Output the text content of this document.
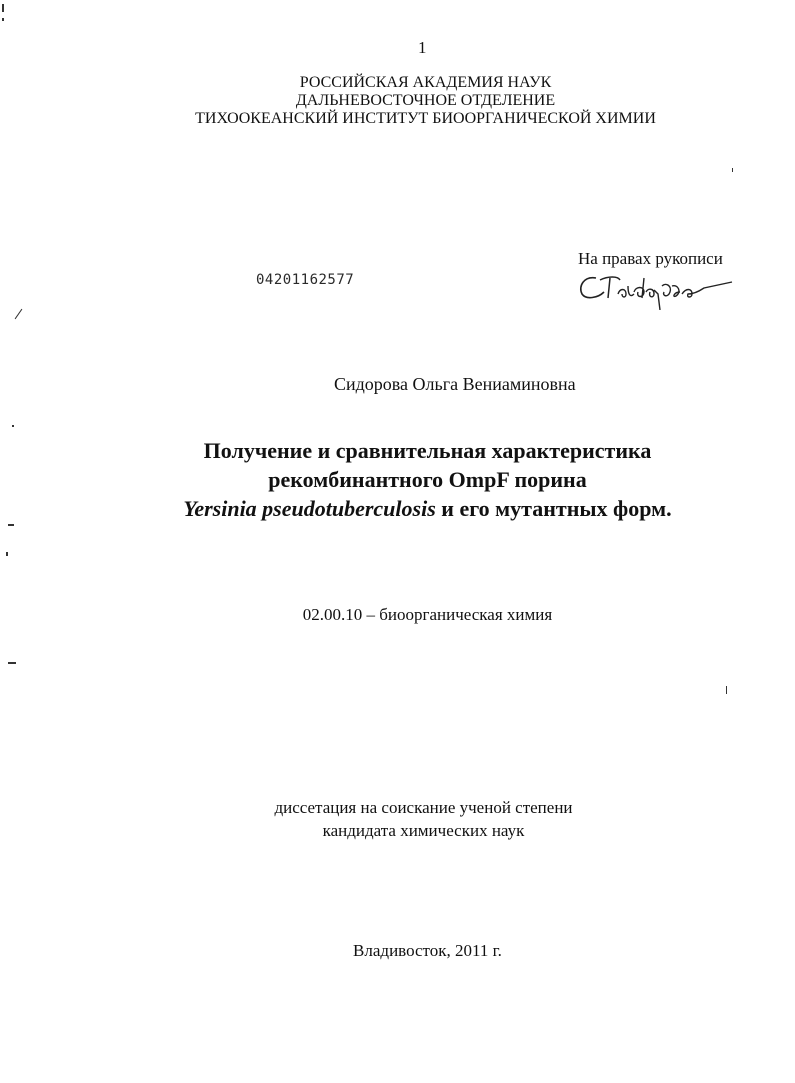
1
РОССИЙСКАЯ АКАДЕМИЯ НАУК
ДАЛЬНЕВОСТОЧНОЕ ОТДЕЛЕНИЕ
ТИХООКЕАНСКИЙ ИНСТИТУТ БИООРГАНИЧЕСКОЙ ХИМИИ
На правах рукописи
04201162577
Сидорова Ольга Вениаминовна
Получение и сравнительная характеристика
рекомбинантного OmpF порина
Yersinia pseudotuberculosis и его мутантных форм.
02.00.10 – биоорганическая химия
диссетация на соискание ученой степени
кандидата химических наук
Владивосток, 2011 г.
